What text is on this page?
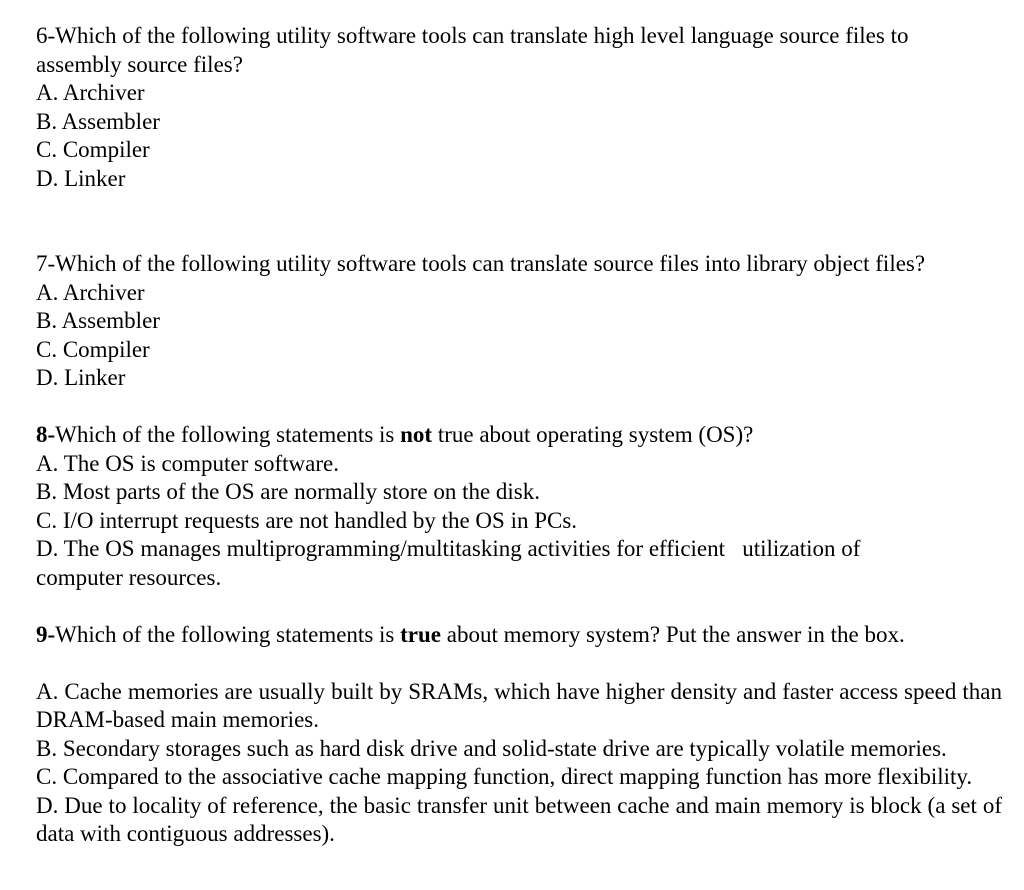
6-Which of the following utility software tools can translate high level language source files to
assembly source files?
A. Archiver
B. Assembler
C. Compiler
D. Linker
7-Which of the following utility software tools can translate source files into library object files?
A. Archiver
B. Assembler
C. Compiler
D. Linker
8-Which of the following statements is not true about operating system (OS)?
A. The OS is computer software.
B. Most parts of the OS are normally store on the disk.
C. I/O interrupt requests are not handled by the OS in PCs.
D. The OS manages multiprogramming/multitasking activities for efficient   utilization of
computer resources.
9-Which of the following statements is true about memory system? Put the answer in the box.
A. Cache memories are usually built by SRAMs, which have higher density and faster access speed than DRAM-based main memories.
B. Secondary storages such as hard disk drive and solid-state drive are typically volatile memories.
C. Compared to the associative cache mapping function, direct mapping function has more flexibility.
D. Due to locality of reference, the basic transfer unit between cache and main memory is block (a set of data with contiguous addresses).
